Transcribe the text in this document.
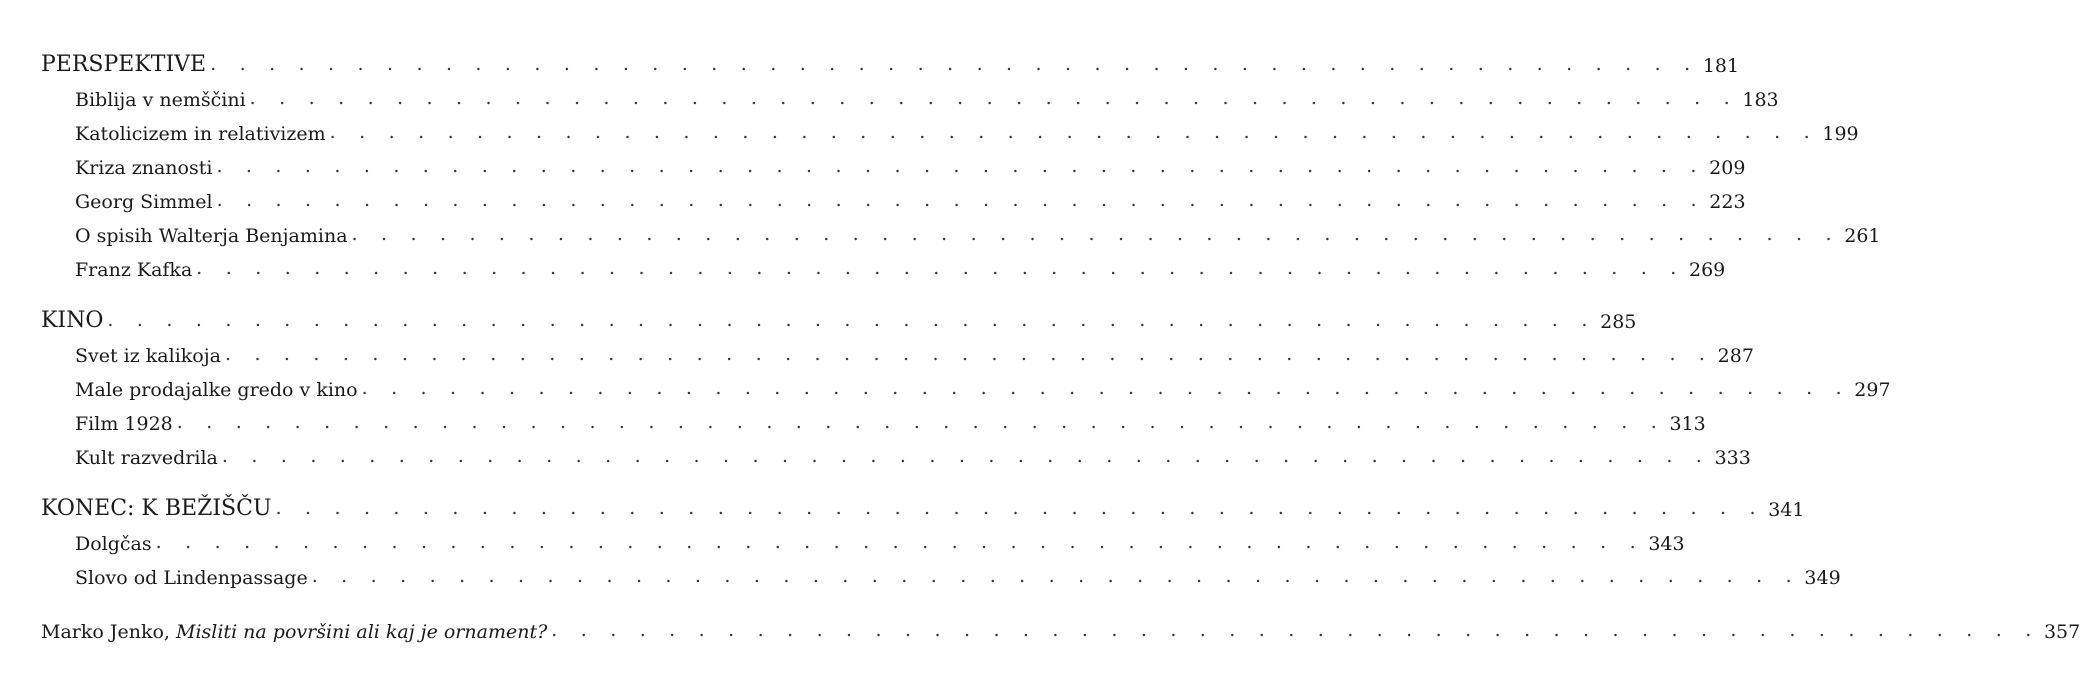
PERSPEKTIVE . . . . . . . . . . . . . . . . . . . . . . . . . . . . . . . . . . . . . . . . . . . . . . . . . . . 181
Biblija v nemščini . . . . . . . . . . . . . . . . . . . . . . . . . . . . . . . . . . . . . . . . . . . . . . . . . . . 183
Katolicizem in relativizem . . . . . . . . . . . . . . . . . . . . . . . . . . . . . . . . . . . . . . . . . . . . . . . . . . . 199
Kriza znanosti . . . . . . . . . . . . . . . . . . . . . . . . . . . . . . . . . . . . . . . . . . . . . . . . . . . 209
Georg Simmel . . . . . . . . . . . . . . . . . . . . . . . . . . . . . . . . . . . . . . . . . . . . . . . . . . . 223
O spisih Walterja Benjamina . . . . . . . . . . . . . . . . . . . . . . . . . . . . . . . . . . . . . . . . . . . . . . . . . . . 261
Franz Kafka . . . . . . . . . . . . . . . . . . . . . . . . . . . . . . . . . . . . . . . . . . . . . . . . . . . 269
KINO . . . . . . . . . . . . . . . . . . . . . . . . . . . . . . . . . . . . . . . . . . . . . . . . . . . 285
Svet iz kalikoja . . . . . . . . . . . . . . . . . . . . . . . . . . . . . . . . . . . . . . . . . . . . . . . . . . . 287
Male prodajalke gredo v kino . . . . . . . . . . . . . . . . . . . . . . . . . . . . . . . . . . . . . . . . . . . . . . . . . . . 297
Film 1928 . . . . . . . . . . . . . . . . . . . . . . . . . . . . . . . . . . . . . . . . . . . . . . . . . . . 313
Kult razvedrila . . . . . . . . . . . . . . . . . . . . . . . . . . . . . . . . . . . . . . . . . . . . . . . . . . . 333
KONEC: K BEŽIŠČU . . . . . . . . . . . . . . . . . . . . . . . . . . . . . . . . . . . . . . . . . . . . . . . . . . . 341
Dolgčas . . . . . . . . . . . . . . . . . . . . . . . . . . . . . . . . . . . . . . . . . . . . . . . . . . . 343
Slovo od Lindenpassage . . . . . . . . . . . . . . . . . . . . . . . . . . . . . . . . . . . . . . . . . . . . . . . . . . . 349
Marko Jenko, Misliti na površini ali kaj je ornament? . . . . . . . . . . . . . . . . . . . . . . . . . . . . . . . . . . . . . . . . . . . . . . . . . . . 357
